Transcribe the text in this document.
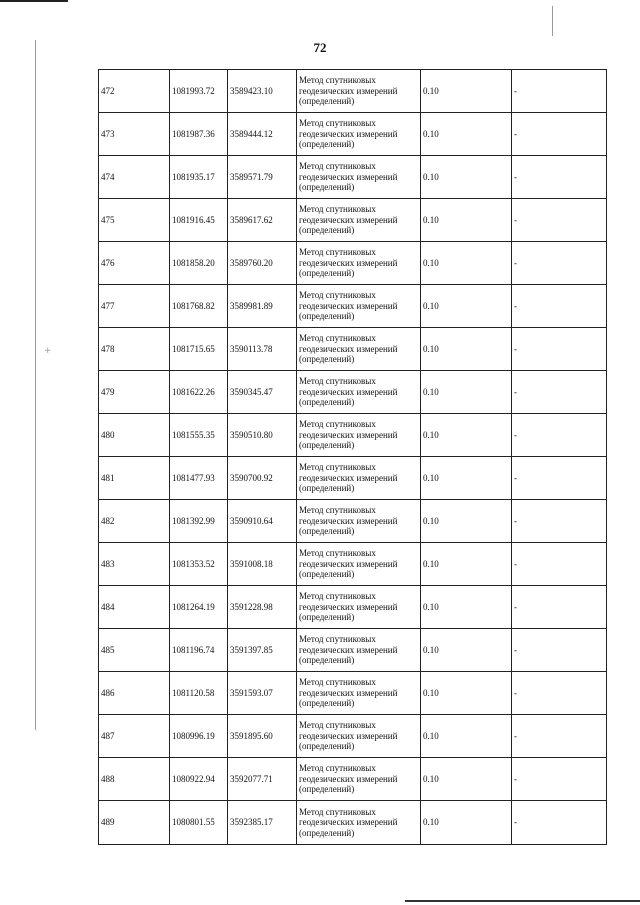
+
72
472	1081993.72	3589423.10	Метод спутниковых
геодезических измерений
(определений)	0.10	-
473	1081987.36	3589444.12	Метод спутниковых
геодезических измерений
(определений)	0.10	-
474	1081935.17	3589571.79	Метод спутниковых
геодезических измерений
(определений)	0.10	-
475	1081916.45	3589617.62	Метод спутниковых
геодезических измерений
(определений)	0.10	-
476	1081858.20	3589760.20	Метод спутниковых
геодезических измерений
(определений)	0.10	-
477	1081768.82	3589981.89	Метод спутниковых
геодезических измерений
(определений)	0.10	-
478	1081715.65	3590113.78	Метод спутниковых
геодезических измерений
(определений)	0.10	-
479	1081622.26	3590345.47	Метод спутниковых
геодезических измерений
(определений)	0.10	-
480	1081555.35	3590510.80	Метод спутниковых
геодезических измерений
(определений)	0.10	-
481	1081477.93	3590700.92	Метод спутниковых
геодезических измерений
(определений)	0.10	-
482	1081392.99	3590910.64	Метод спутниковых
геодезических измерений
(определений)	0.10	-
483	1081353.52	3591008.18	Метод спутниковых
геодезических измерений
(определений)	0.10	-
484	1081264.19	3591228.98	Метод спутниковых
геодезических измерений
(определений)	0.10	-
485	1081196.74	3591397.85	Метод спутниковых
геодезических измерений
(определений)	0.10	-
486	1081120.58	3591593.07	Метод спутниковых
геодезических измерений
(определений)	0.10	-
487	1080996.19	3591895.60	Метод спутниковых
геодезических измерений
(определений)	0.10	-
488	1080922.94	3592077.71	Метод спутниковых
геодезических измерений
(определений)	0.10	-
489	1080801.55	3592385.17	Метод спутниковых
геодезических измерений
(определений)	0.10	-
